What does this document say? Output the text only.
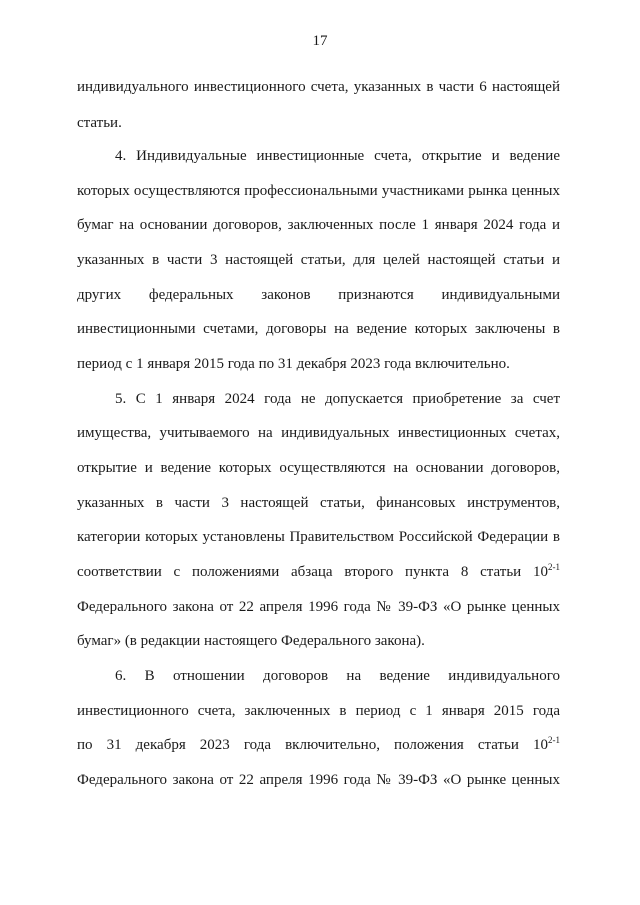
17
индивидуального инвестиционного счета, указанных в части 6 настоящей
статьи.
4. Индивидуальные инвестиционные счета, открытие и ведение
которых осуществляются профессиональными участниками рынка ценных
бумаг на основании договоров, заключенных после 1 января 2024 года и
указанных в части 3 настоящей статьи, для целей настоящей статьи и
других федеральных законов признаются индивидуальными
инвестиционными счетами, договоры на ведение которых заключены в
период с 1 января 2015 года по 31 декабря 2023 года включительно.
5. С 1 января 2024 года не допускается приобретение за счет
имущества, учитываемого на индивидуальных инвестиционных счетах,
открытие и ведение которых осуществляются на основании договоров,
указанных в части 3 настоящей статьи, финансовых инструментов,
категории которых установлены Правительством Российской Федерации в
соответствии с положениями абзаца второго пункта 8 статьи 10$^{2-1}$
Федерального закона от 22 апреля 1996 года № 39-ФЗ «О рынке ценных
бумаг» (в редакции настоящего Федерального закона).
6. В отношении договоров на ведение индивидуального
инвестиционного счета, заключенных в период с 1 января 2015 года
по 31 декабря 2023 года включительно, положения статьи 10$^{2-1}$
Федерального закона от 22 апреля 1996 года № 39-ФЗ «О рынке ценных
